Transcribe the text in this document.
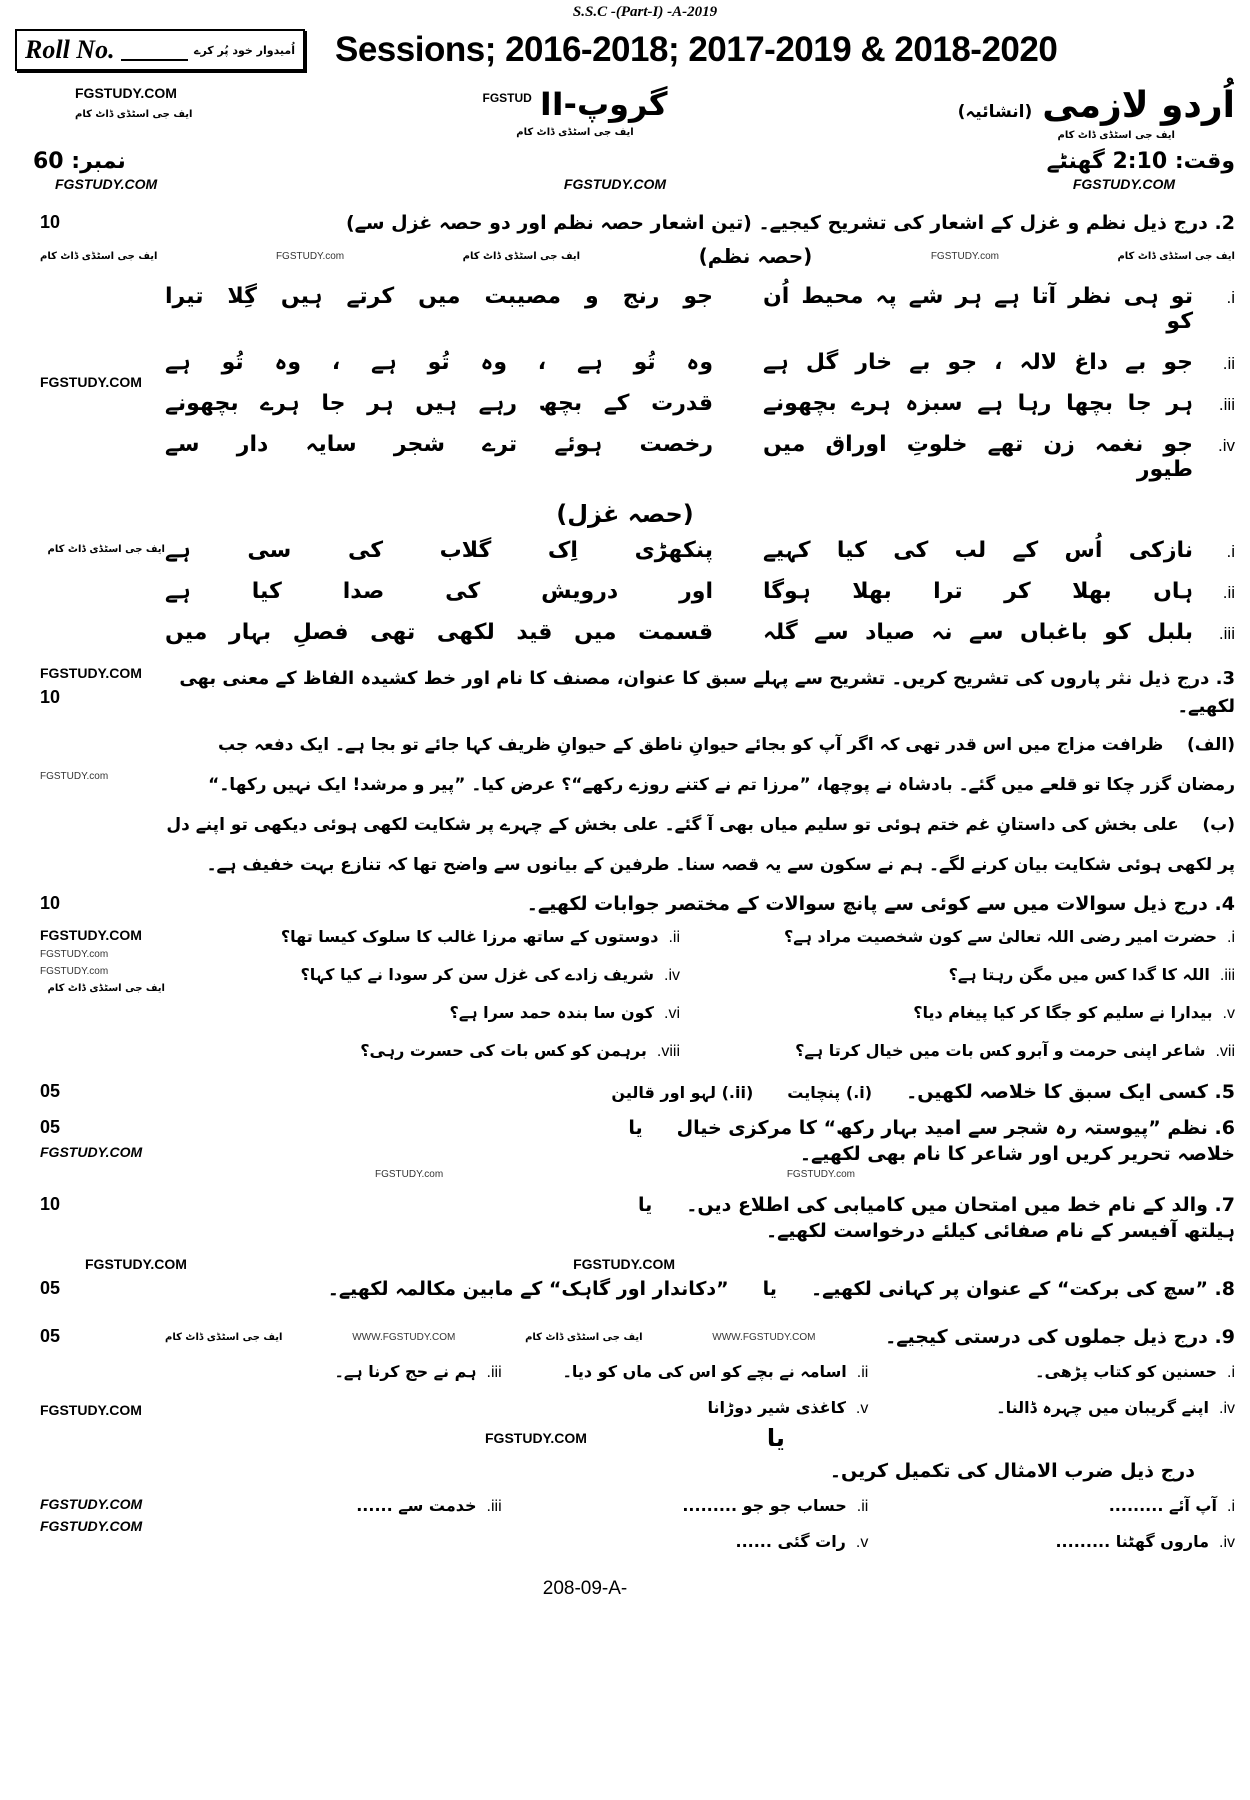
S.S.C -(Part-I) -A-2019
Roll No.	اُمیدوار خود پُر کرے Sessions; 2016-2018; 2017-2019 & 2018-2020
FGSTUDY.COM
ایف جی اسٹڈی ڈاٹ کام
FGSTUD گروپ-II
ایف جی اسٹڈی ڈاٹ کام
اُردو لازمی
(انشائیہ)
ایف جی اسٹڈی ڈاٹ کام
نمبر: 60	وقت: 2:10 گھنٹے
FGSTUDY.COM	FGSTUDY.COM	FGSTUDY.COM
10	2. درج ذیل نظم و غزل کے اشعار کی تشریح کیجیے۔ (تین اشعار حصہ نظم اور دو حصہ غزل سے)
ایف جی اسٹڈی ڈاٹ کام	FGSTUDY.com	ایف جی اسٹڈی ڈاٹ کام	(حصہ نظم)	FGSTUDY.com	ایف جی اسٹڈی ڈاٹ کام
FGSTUDY.COM
i.
تو ہی نظر آتا ہے ہر شے پہ محیط اُن کو
جو رنج و مصیبت میں کرتے ہیں گِلا تیرا
ii.
جو بے داغ لالہ ، جو بے خار گل ہے
وہ تُو ہے ، وہ تُو ہے ، وہ تُو ہے
iii.
ہر جا بچھا رہا ہے سبزہ ہرے بچھونے
قدرت کے بچھ رہے ہیں ہر جا ہرے بچھونے
iv.
جو نغمہ زن تھے خلوتِ اوراق میں طیور
رخصت ہوئے ترے شجر سایہ دار سے
(حصہ غزل)
ایف جی اسٹڈی ڈاٹ کام	i.
نازکی اُس کے لب کی کیا کہیے
پنکھڑی اِک گلاب کی سی ہے
ii.
ہاں بھلا کر ترا بھلا ہوگا
اور درویش کی صدا کیا ہے
iii.
بلبل کو باغباں سے نہ صیاد سے گلہ
قسمت میں قید لکھی تھی فصلِ بہار میں
FGSTUDY.COM
10
3. درج ذیل نثر پاروں کی تشریح کریں۔ تشریح سے پہلے سبق کا عنوان، مصنف کا نام اور خط کشیدہ الفاظ کے معنی بھی لکھیے۔
FGSTUDY.com
(الف)    ظرافت مزاج میں اس قدر تھی کہ اگر آپ کو بجائے حیوانِ ناطق کے حیوانِ ظریف کہا جائے تو بجا ہے۔ ایک دفعہ جب رمضان گزر چکا تو قلعے میں گئے۔ بادشاہ نے پوچھا، ”مرزا تم نے کتنے روزے رکھے“؟ عرض کیا۔ ”پیر و مرشد! ایک نہیں رکھا۔“
(ب)    علی بخش کی داستانِ غم ختم ہوئی تو سلیم میاں بھی آ گئے۔ علی بخش کے چہرے پر شکایت لکھی ہوئی دیکھی تو اپنے دل پر لکھی ہوئی شکایت بیان کرنے لگے۔ ہم نے سکون سے یہ قصہ سنا۔ طرفین کے بیانوں سے واضح تھا کہ تنازع بہت خفیف ہے۔
10	4. درج ذیل سوالات میں سے کوئی سے پانچ سوالات کے مختصر جوابات لکھیے۔
FGSTUDY.COM
FGSTUDY.com
FGSTUDY.com
ایف جی اسٹڈی ڈاٹ کام
i.حضرت امیر رضی اللہ تعالیٰ سے کون شخصیت مراد ہے؟
ii.دوستوں کے ساتھ مرزا غالب کا سلوک کیسا تھا؟
iii.اللہ کا گدا کس میں مگن رہتا ہے؟
iv.شریف زادے کی غزل سن کر سودا نے کیا کہا؟
v.بیدارا نے سلیم کو جگا کر کیا پیغام دیا؟
vi.کون سا بندہ حمد سرا ہے؟
vii.شاعر اپنی حرمت و آبرو کس بات میں خیال کرتا ہے؟
viii.برہمن کو کس بات کی حسرت رہی؟
05	5. کسی ایک سبق کا خلاصہ لکھیں۔
(i.) پنچایت
(ii.) لہو اور قالین
05
FGSTUDY.COM
6. نظم ”پیوستہ رہ شجر سے امید بہار رکھ“ کا مرکزی خیال
یا
خلاصہ تحریر کریں اور شاعر کا نام بھی لکھیے۔
FGSTUDY.com	FGSTUDY.com
10	7. والد کے نام خط میں امتحان میں کامیابی کی اطلاع دیں۔
یا
ہیلتھ آفیسر کے نام صفائی کیلئے درخواست لکھیے۔
FGSTUDY.COM	FGSTUDY.COM
05	8. ”سچ کی برکت“ کے عنوان پر کہانی لکھیے۔
یا
”دکاندار اور گاہک“ کے مابین مکالمہ لکھیے۔
05	9. درج ذیل جملوں کی درستی کیجیے۔
WWW.FGSTUDY.COM
ایف جی اسٹڈی ڈاٹ کام
WWW.FGSTUDY.COM
ایف جی اسٹڈی ڈاٹ کام
FGSTUDY.COM
i.حسنین کو کتاب پڑھی۔
ii.اسامہ نے بچے کو اس کی ماں کو دیا۔
iii.ہم نے حج کرنا ہے۔
iv.اپنے گریبان میں چہرہ ڈالنا۔
v.کاغذی شیر دوڑانا
FGSTUDY.COM	یا
درج ذیل ضرب الامثال کی تکمیل کریں۔
FGSTUDY.COM
FGSTUDY.COM
i.آپ آئے .........
ii.حساب جو جو .........
iii.خدمت سے ......
iv.ماروں گھٹنا .........
v.رات گئی ......
208-09-A-
